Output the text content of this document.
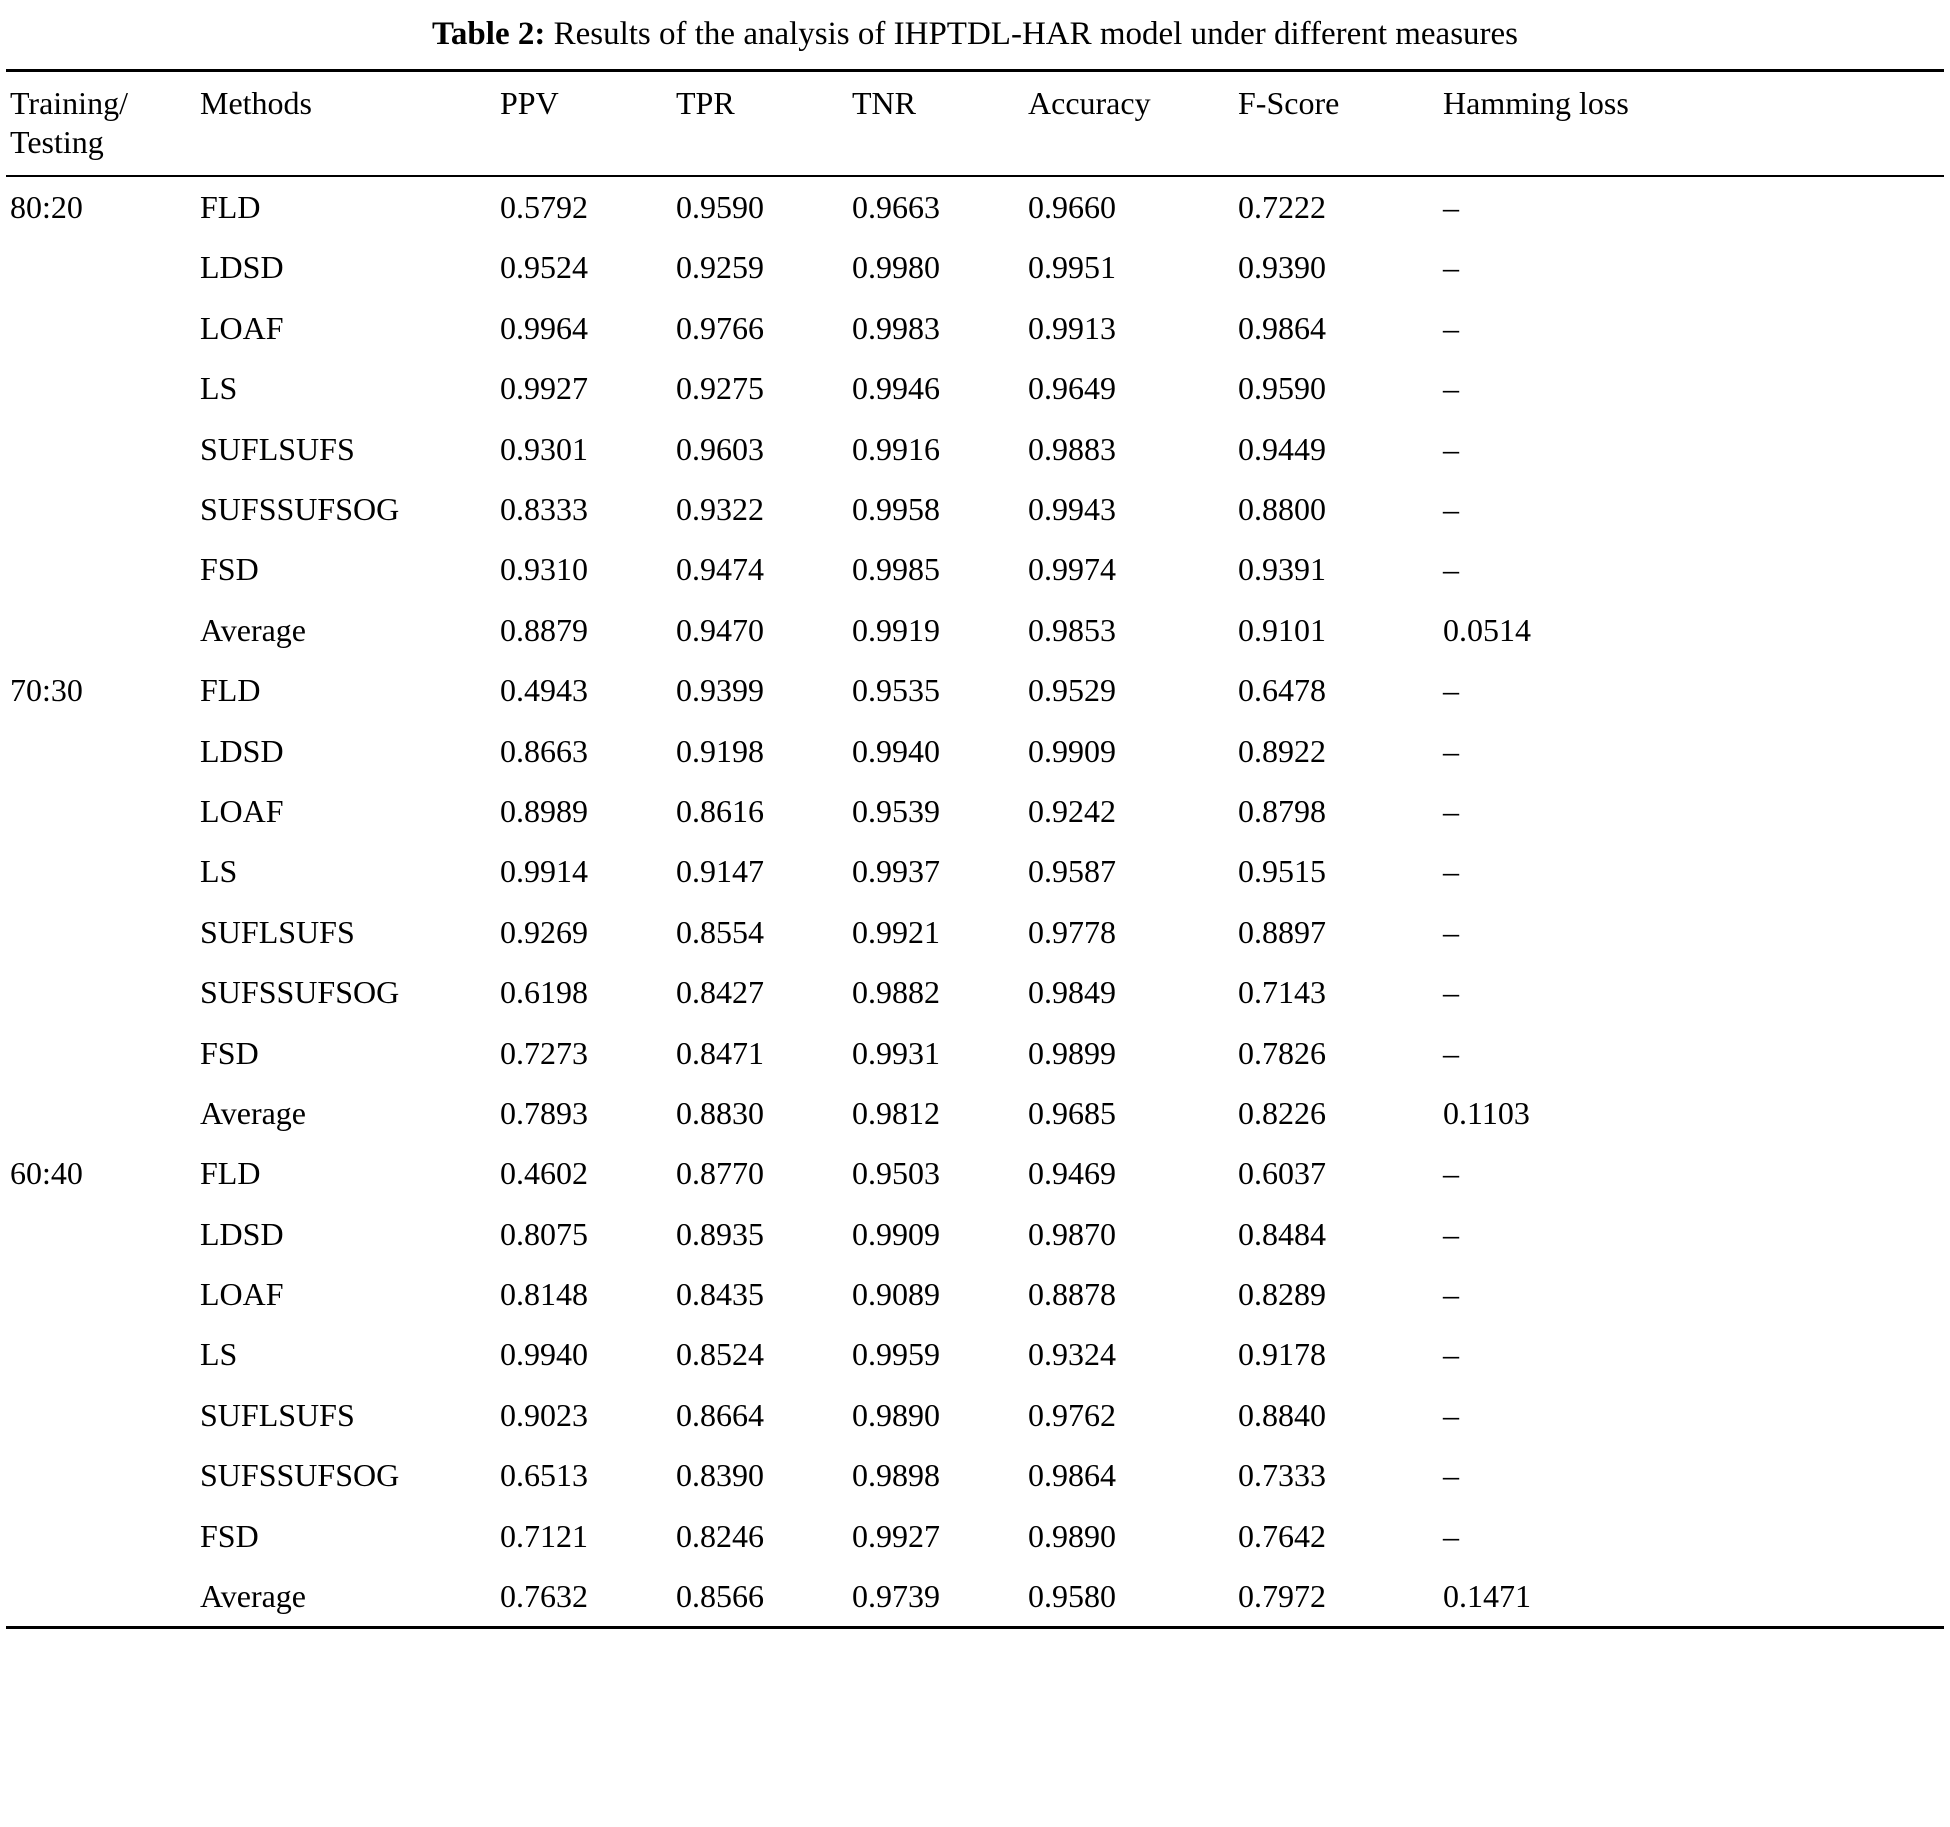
Table 2: Results of the analysis of IHPTDL-HAR model under different measures
Training/
Testing	Methods	PPV	TPR	TNR	Accuracy	F-Score	Hamming loss
80:20	FLD	0.5792	0.9590	0.9663	0.9660	0.7222	–
	LDSD	0.9524	0.9259	0.9980	0.9951	0.9390	–
	LOAF	0.9964	0.9766	0.9983	0.9913	0.9864	–
	LS	0.9927	0.9275	0.9946	0.9649	0.9590	–
	SUFLSUFS	0.9301	0.9603	0.9916	0.9883	0.9449	–
	SUFSSUFSOG	0.8333	0.9322	0.9958	0.9943	0.8800	–
	FSD	0.9310	0.9474	0.9985	0.9974	0.9391	–
	Average	0.8879	0.9470	0.9919	0.9853	0.9101	0.0514
70:30	FLD	0.4943	0.9399	0.9535	0.9529	0.6478	–
	LDSD	0.8663	0.9198	0.9940	0.9909	0.8922	–
	LOAF	0.8989	0.8616	0.9539	0.9242	0.8798	–
	LS	0.9914	0.9147	0.9937	0.9587	0.9515	–
	SUFLSUFS	0.9269	0.8554	0.9921	0.9778	0.8897	–
	SUFSSUFSOG	0.6198	0.8427	0.9882	0.9849	0.7143	–
	FSD	0.7273	0.8471	0.9931	0.9899	0.7826	–
	Average	0.7893	0.8830	0.9812	0.9685	0.8226	0.1103
60:40	FLD	0.4602	0.8770	0.9503	0.9469	0.6037	–
	LDSD	0.8075	0.8935	0.9909	0.9870	0.8484	–
	LOAF	0.8148	0.8435	0.9089	0.8878	0.8289	–
	LS	0.9940	0.8524	0.9959	0.9324	0.9178	–
	SUFLSUFS	0.9023	0.8664	0.9890	0.9762	0.8840	–
	SUFSSUFSOG	0.6513	0.8390	0.9898	0.9864	0.7333	–
	FSD	0.7121	0.8246	0.9927	0.9890	0.7642	–
	Average	0.7632	0.8566	0.9739	0.9580	0.7972	0.1471
